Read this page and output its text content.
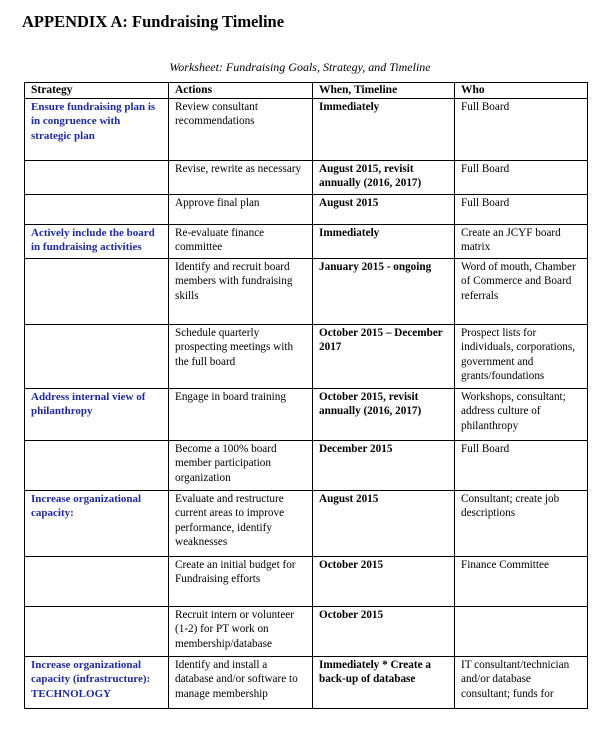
APPENDIX A: Fundraising Timeline
Worksheet: Fundraising Goals, Strategy, and Timeline
Strategy	Actions	When, Timeline	Who
Ensure fundraising plan is in congruence with strategic plan	Review consultant recommendations	Immediately	Full Board
	Revise, rewrite as necessary	August 2015, revisit annually (2016, 2017)	Full Board
	Approve final plan	August 2015	Full Board
Actively include the board in fundraising activities	Re-evaluate finance committee	Immediately	Create an JCYF board matrix
	Identify and recruit board members with fundraising skills	January 2015 - ongoing	Word of mouth, Chamber of Commerce and Board referrals
	Schedule quarterly prospecting meetings with the full board	October 2015 – December 2017	Prospect lists for individuals, corporations, government and grants/foundations
Address internal view of philanthropy	Engage in board training	October 2015, revisit annually (2016, 2017)	Workshops, consultant; address culture of philanthropy
	Become a 100% board member participation organization	December 2015	Full Board
Increase organizational capacity:	Evaluate and restructure current areas to improve performance, identify weaknesses	August 2015	Consultant; create job descriptions
	Create an initial budget for Fundraising efforts	October 2015	Finance Committee
	Recruit intern or volunteer (1-2) for PT work on membership/database	October 2015	
Increase organizational capacity (infrastructure): TECHNOLOGY	Identify and install a database and/or software to manage membership	Immediately * Create a back-up of database	IT consultant/technician and/or database consultant; funds for
